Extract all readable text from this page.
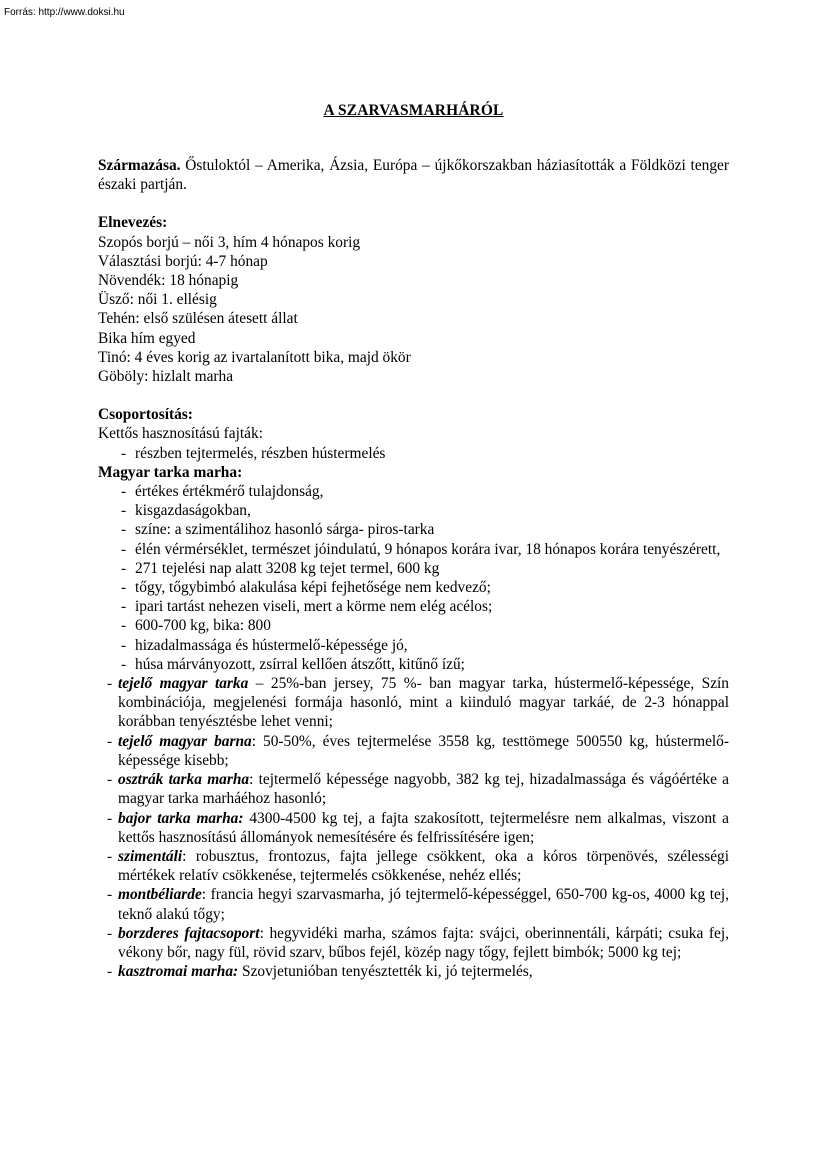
Forrás: http://www.doksi.hu
A SZARVASMARHÁRÓL

Származása. Őstuloktól – Amerika, Ázsia, Európa – újkőkorszakban háziasították a Földközi tenger északi partján.

Elnevezés:
Szopós borjú – női 3, hím 4 hónapos korig
Választási borjú: 4-7 hónap
Növendék: 18 hónapig
Üsző: női 1. ellésig
Tehén: első szülésen átesett állat
Bika hím egyed
Tinó: 4 éves korig az ivartalanított bika, majd ökör
Göböly: hizlalt marha
Csoportosítás:
Kettős hasznosítású fajták:
- részben tejtermelés, részben hústermelés
Magyar tarka marha:
- értékes értékmérő tulajdonság,
- kisgazdaságokban,
- színe: a szimentálihoz hasonló sárga- piros-tarka
- élén vérmérséklet, természet jóindulatú, 9 hónapos korára ivar, 18 hónapos korára tenyészérett,
- 271 tejelési nap alatt 3208 kg tejet termel, 600 kg
- tőgy, tőgybimbó alakulása képi fejhetősége nem kedvező;
- ipari tartást nehezen viseli, mert a körme nem elég acélos;
- 600-700 kg, bika: 800
- hizadalmassága és hústermelő-képessége jó,
- húsa márványozott, zsírral kellően átszőtt, kitűnő ízű;
- tejelő magyar tarka – 25%-ban jersey, 75 %- ban magyar tarka, hústermelő-képessége, Szín kombinációja, megjelenési formája hasonló, mint a kiinduló magyar tarkáé, de 2-3 hónappal korábban tenyésztésbe lehet venni;
- tejelő magyar barna: 50-50%, éves tejtermelése 3558 kg, testtömege 500550 kg, hústermelő-képessége kisebb;
- osztrák tarka marha: tejtermelő képessége nagyobb, 382 kg tej, hizadalmassága és vágóértéke a magyar tarka marháéhoz hasonló;
- bajor tarka marha: 4300-4500 kg tej, a fajta szakosított, tejtermelésre nem alkalmas, viszont a kettős hasznosítású állományok nemesítésére és felfrissítésére igen;
- szimentáli: robusztus, frontozus, fajta jellege csökkent, oka a kóros törpenövés, szélességi mértékek relatív csökkenése, tejtermelés csökkenése, nehéz ellés;
- montbéliarde: francia hegyi szarvasmarha, jó tejtermelő-képességgel, 650-700 kg-os, 4000 kg tej, teknő alakú tőgy;
- borzderes fajtacsoport: hegyvidéki marha, számos fajta: svájci, oberinnentáli, kárpáti; csuka fej, vékony bőr, nagy fül, rövid szarv, bűbos fejél, közép nagy tőgy, fejlett bimbók; 5000 kg tej;
- kasztromai marha: Szovjetunióban tenyésztették ki, jó tejtermelés,
